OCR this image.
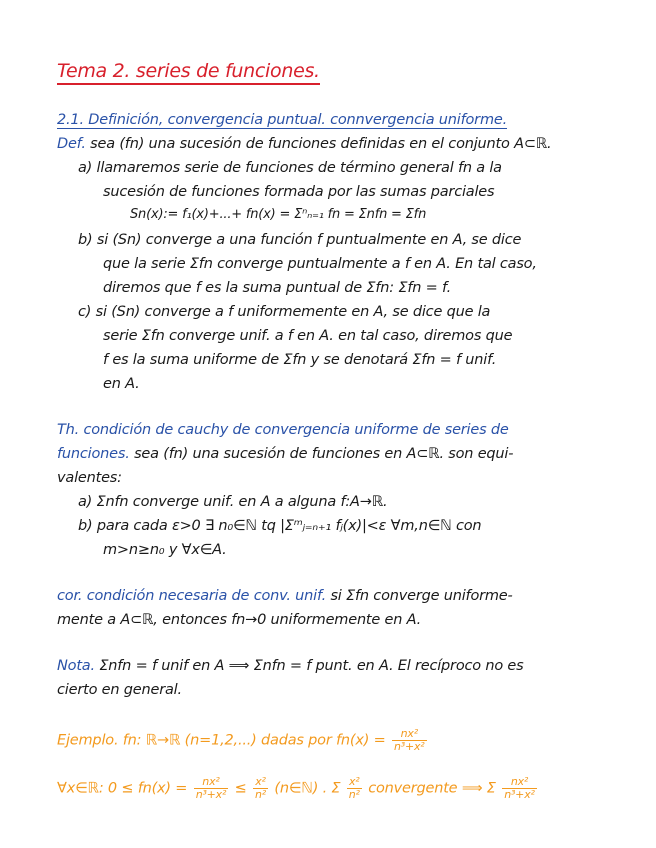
Tema 2. series de funciones.
2.1. Definición, convergencia puntual. connvergencia uniforme.
Def. sea (fn) una sucesión de funciones definidas en el conjunto A⊂ℝ.
a) llamaremos serie de funciones de término general fn a la
sucesión de funciones formada por las sumas parciales
Sn(x):= f₁(x)+...+ fn(x) = Σⁿₙ₌₁ fn = Σnfn = Σfn
b) si (Sn) converge a una función f puntualmente en A, se dice
que la serie Σfn converge puntualmente a f en A. En tal caso,
diremos que f es la suma puntual de Σfn: Σfn = f.
c) si (Sn) converge a f uniformemente en A, se dice que la
serie Σfn converge unif. a f en A. en tal caso, diremos que
f es la suma uniforme de Σfn y se denotará Σfn = f unif.
en A.
Th. condición de cauchy de convergencia uniforme de series de
funciones. sea (fn) una sucesión de funciones en A⊂ℝ. son equi-
valentes:
a) Σnfn converge unif. en A a alguna f:A→ℝ.
b) para cada ε>0 ∃ n₀∈ℕ tq |Σᵐⱼ₌ₙ₊₁ fⱼ(x)|<ε ∀m,n∈ℕ con
m>n≥n₀ y ∀x∈A.
cor. condición necesaria de conv. unif. si Σfn converge uniforme-
mente a A⊂ℝ, entonces fn→0 uniformemente en A.
Nota. Σnfn = f unif en A ⟹ Σnfn = f punt. en A. El recíproco no es
cierto en general.
Ejemplo. fn: ℝ→ℝ (n=1,2,...) dadas por $fn(x) = \frac{\text{nx²}}{\text{n³+x²}}$
∀x∈ℝ: $0 \le fn(x) = \frac{\text{nx²}}{\text{n³+x²}} \le \frac{\text{x²}}{\text{n²}}$ (n∈ℕ) . Σ $\frac{\text{x²}}{\text{n²}}$ convergente ⟹ Σ $\frac{\text{nx²}}{\text{n³+x²}}$
